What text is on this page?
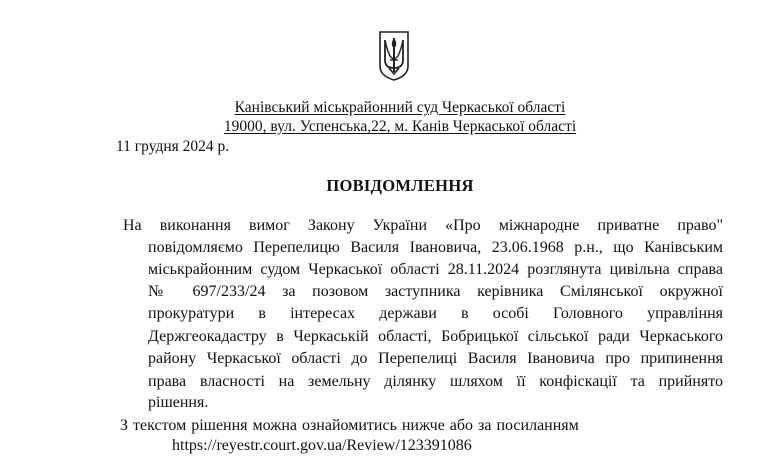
Канівський міськрайонний суд Черкаської області
19000, вул. Успенська,22, м. Канів Черкаської області
11 грудня 2024 р.
ПОВІДОМЛЕННЯ
На виконання вимог Закону України «Про міжнародне приватне право"
повідомляємо Перепелицю Василя Івановича, 23.06.1968 р.н., що Канівським
міськрайонним судом Черкаської області 28.11.2024 розглянута цивільна справа
№ 697/233/24 за позовом заступника керівника Смілянської окружної
прокуратури в інтересах держави в особі Головного управління
Держгеокадастру в Черкаській області, Бобрицької сільської ради Черкаського
району Черкаської області до Перепелиці Василя Івановича про припинення
права власності на земельну ділянку шляхом її конфіскації та прийнято
рішення.
З текстом рішення можна ознайомитись нижче або за посиланням
https://reyestr.court.gov.ua/Review/123391086
